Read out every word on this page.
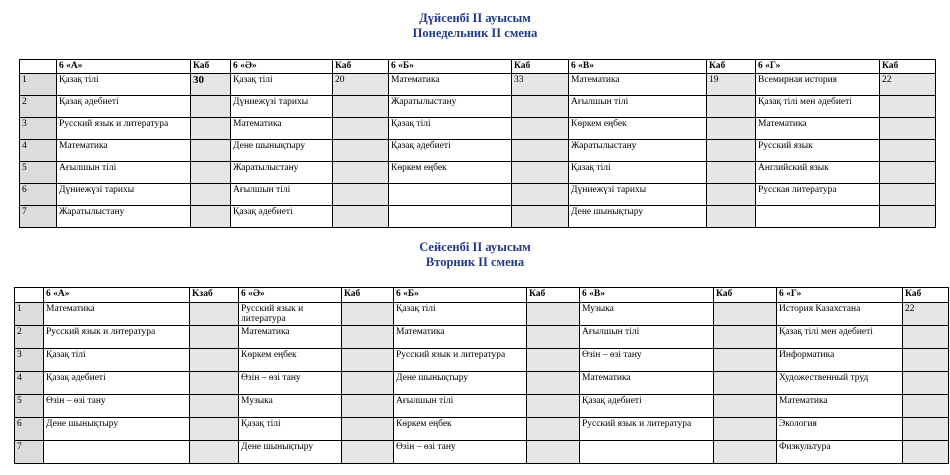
Дүйсенбі ІІ ауысым
Понедельник ІІ смена
	6 «А»	Каб	6 «Ә»	Каб	6 «Б»	Каб	6 «В»	Каб	6 «Г»	Каб
1	Қазақ тілі	30	Қазақ тілі	20	Математика	33	Математика	19	Всемирная история	22
2	Қазақ әдебиеті		Дүниежүзі тарихы		Жаратылыстану		Ағылшын тілі		Қазақ тілі мен әдебиеті	
3	Русский язык и литература		Математика		Қазақ тілі		Көркем еңбек		Математика	
4	Математика		Дене шынықтыру		Қазақ әдебиеті		Жаратылыстану		Русский язык	
5	Ағылшын тілі		Жаратылыстану		Көркем еңбек		Қазақ тілі		Английский язык	
6	Дүниежүзі тарихы		Ағылшын тілі				Дүниежүзі тарихы		Русская литература	
7	Жаратылыстану		Қазақ әдебиеті				Дене шынықтыру			
Сейсенбі ІІ ауысым
Вторник ІІ смена
	6 «А»	Kзаб	6 «Ә»	Каб	6 «Б»	Каб	6 «В»	Каб	6 «Г»	Каб
1	Математика		Русский язык и литература		Қазақ тілі		Музыка		История Казахстана	22
2	Русский язык и литература		Математика		Математика		Ағылшын тілі		Қазақ тілі мен әдебиеті	
3	Қазақ тілі		Көркем еңбек		Русский язык и литература		Өзін – өзі тану		Информатика	
4	Қазақ әдебиеті		Өзін – өзі тану		Дене шынықтыру		Математика		Художественный труд	
5	Өзін – өзі тану		Музыка		Ағылшын тілі		Қазақ әдебиеті		Математика	
6	Дене шынықтыру		Қазақ тілі		Көркем еңбек		Русский язык и литература		Экология	
7			Дене шынықтыру		Өзін – өзі тану				Физкультура	
